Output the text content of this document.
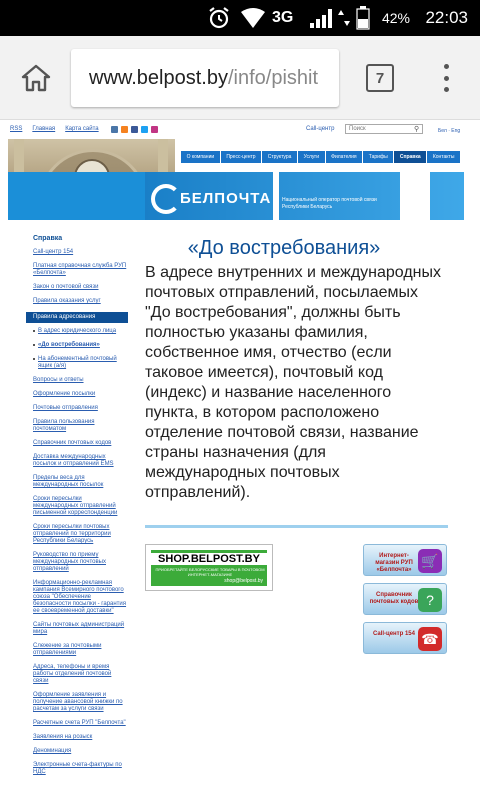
3G	42% 22:03
www.belpost.by/info/pishit	7
RSS Главная Карта сайта	Call-центр	Поиск	⚲	Бел · Eng
О компании	Пресс-центр	Структура	Услуги	Филателия	Тарифы	Справка	Контакты
БЕЛПОЧТА Национальный оператор почтовой связи Республики Беларусь
Справка
Call-центр 154
Платная справочная служба РУП «Белпочта»
Закон о почтовой связи
Правила оказания услуг
Правила адресования
В адрес юридического лица
«До востребования»
На абонементный почтовый ящик (а/я)
Вопросы и ответы
Оформление посылки
Почтовые отправления
Правила пользования почтоматом
Справочник почтовых кодов
Доставка международных посылок и отправлений EMS
Пределы веса для международных посылок
Сроки пересылки международных отправлений письменной корреспонденции
Сроки пересылки почтовых отправлений по территории Республики Беларусь
Руководство по приему международных почтовых отправлений
Информационно-рекламная кампания Всемирного почтового союза "Обеспечение безопасности посылки - гарантия ее своевременной доставки"
Сайты почтовых администраций мира
Слежение за почтовыми отправлениями
Адреса, телефоны и время работы отделений почтовой связи
Оформление заявления и получение авансовой книжки по расчетам за услуги связи
Расчетные счета РУП "Белпочта"
Заявления на розыск
Деноминация
Электронные счета-фактуры по НДС
«До востребования»
В адресе внутренних и международных почтовых отправлений, посылаемых "До востребования", должны быть полностью указаны фамилия, собственное имя, отчество (если таковое имеется), почтовый код (индекс) и название населенного пункта, в котором расположено отделение почтовой связи, название страны назначения (для международных почтовых отправлений).
SHOP.BELPOST.BY
ПРИОБРЕТАЙТЕ БЕЛОРУССКИЕ ТОВАРЫ В ПОЧТОВОМ ИНТЕРНЕТ-МАГАЗИНЕ
shop@belpost.by
Интернет-магазин РУП «Белпочта»
🛒
Справочник почтовых кодов ?
Call-центр 154 ☎
